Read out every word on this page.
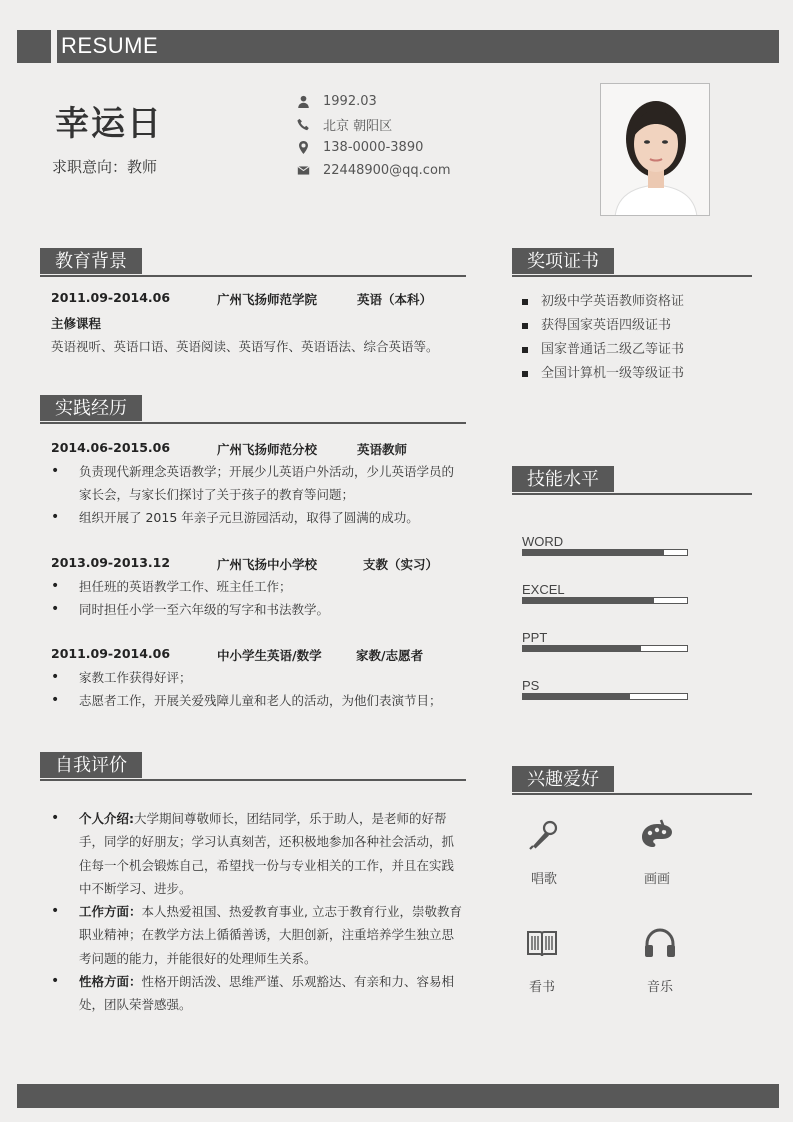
RESUME
幸运日
求职意向：教师
1992.03
北京 朝阳区
138-0000-3890
22448900@qq.com
教育背景
2011.09-2014.06	广州飞扬师范学院	英语（本科）
主修课程
英语视听、英语口语、英语阅读、英语写作、英语语法、综合英语等。
实践经历
2014.06-2015.06	广州飞扬师范分校	英语教师
• 负责现代新理念英语教学；开展少儿英语户外活动，少儿英语学员的家长会，与家长们探讨了关于孩子的教育等问题；
• 组织开展了 2015 年亲子元旦游园活动，取得了圆满的成功。
2013.09-2013.12	广州飞扬中小学校	支教（实习）
• 担任班的英语教学工作、班主任工作；
• 同时担任小学一至六年级的写字和书法教学。
2011.09-2014.06	中小学生英语/数学	家教/志愿者
• 家教工作获得好评；
• 志愿者工作，开展关爱残障儿童和老人的活动，为他们表演节目；
自我评价
• 个人介绍:大学期间尊敬师长，团结同学，乐于助人，是老师的好帮手，同学的好朋友；学习认真刻苦，还积极地参加各种社会活动，抓住每一个机会锻炼自己，希望找一份与专业相关的工作，并且在实践中不断学习、进步。
• 工作方面：本人热爱祖国、热爱教育事业, 立志于教育行业，崇敬教育职业精神；在教学方法上循循善诱，大胆创新，注重培养学生独立思考问题的能力，并能很好的处理师生关系。
• 性格方面：性格开朗活泼、思维严谨、乐观豁达、有亲和力、容易相处，团队荣誉感强。
奖项证书
初级中学英语教师资格证
获得国家英语四级证书
国家普通话二级乙等证书
全国计算机一级等级证书
技能水平
WORD
EXCEL
PPT
PS
兴趣爱好
唱歌	画画
看书	音乐
